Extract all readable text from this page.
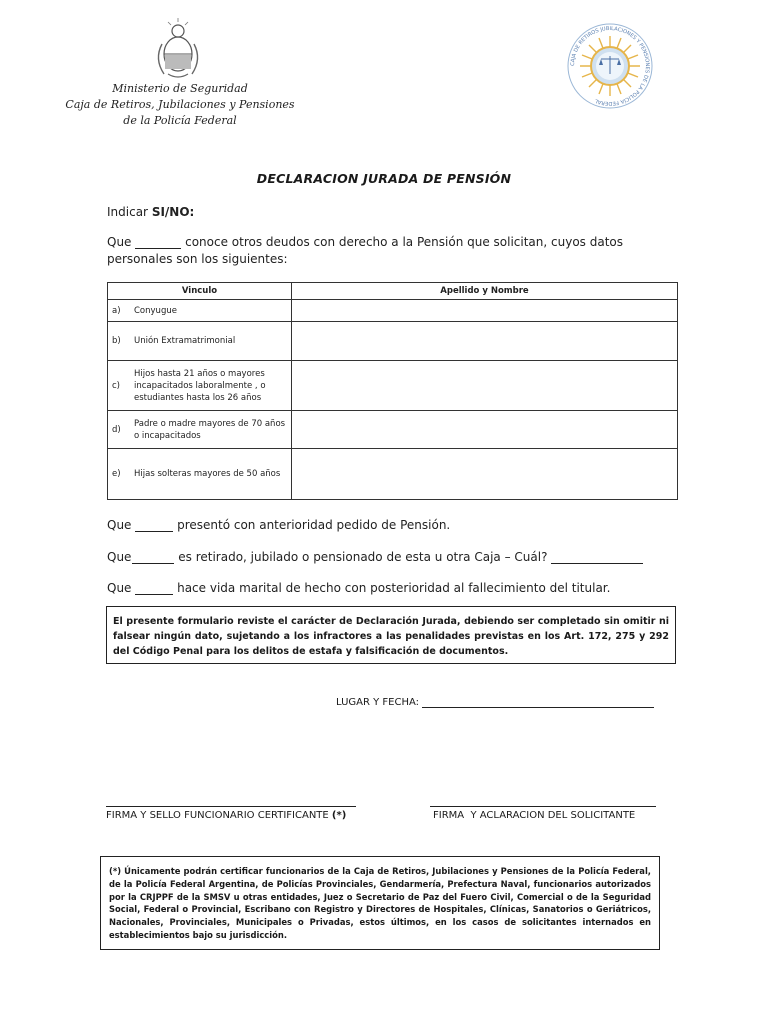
Ministerio de Seguridad
Caja de Retiros, Jubilaciones y Pensiones
de la Policía Federal
CAJA DE RETIROS JUBILACIONES Y PENSIONES DE LA POLICÍA FEDERAL
DECLARACION JURADA DE PENSIÓN
Indicar SI/NO:
Que	conoce otros deudos con derecho a la Pensión que solicitan, cuyos datos
personales son los siguientes:
Vinculo	Apellido y Nombre

a) Conyugue	

b) Unión Extramatrimonial	

c)
Hijos hasta 21 años o mayores incapacitados laboralmente , o estudiantes hasta los 26 años	

d)
Padre o madre mayores de 70 años o incapacitados	

e) Hijas solteras mayores de 50 años	

Que	presentó con anterioridad pedido de Pensión.
Que	es retirado, jubilado o pensionado de esta u otra Caja – Cuál?
Que	hace vida marital de hecho con posterioridad al fallecimiento del titular.
El presente formulario reviste el carácter de Declaración Jurada, debiendo ser completado sin omitir ni falsear ningún dato, sujetando a los infractores a las penalidades previstas en los Art. 172, 275 y 292 del Código Penal para los delitos de estafa y falsificación de documentos.
LUGAR Y FECHA:
FIRMA Y SELLO FUNCIONARIO CERTIFICANTE (*)	FIRMA  Y ACLARACION DEL SOLICITANTE
(*) Únicamente podrán certificar funcionarios de la Caja de Retiros, Jubilaciones y Pensiones de la Policía Federal, de la Policía Federal Argentina, de Policías Provinciales, Gendarmería, Prefectura Naval, funcionarios autorizados por la CRJPPF de la SMSV u otras entidades, Juez o Secretario de Paz del Fuero Civil, Comercial o de la Seguridad Social, Federal o Provincial, Escribano con Registro y Directores de Hospitales, Clínicas, Sanatorios o Geriátricos, Nacionales, Provinciales, Municipales o Privadas, estos últimos, en los casos de solicitantes internados en establecimientos bajo su jurisdicción.
